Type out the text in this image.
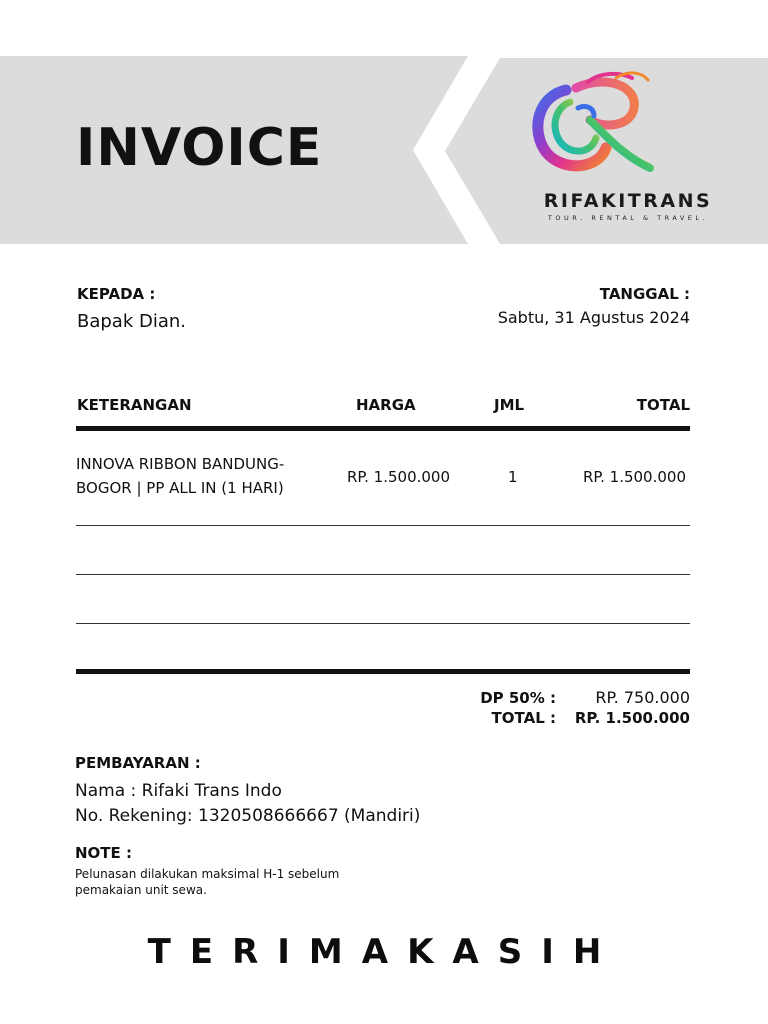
INVOICE
RIFAKITRANS
TOUR, RENTAL & TRAVEL.
KEPADA :
Bapak Dian.
TANGGAL :
Sabtu, 31 Agustus 2024
KETERANGAN	HARGA	JML	TOTAL
INNOVA RIBBON BANDUNG-
BOGOR | PP ALL IN (1 HARI)
RP. 1.500.000	1	RP. 1.500.000
DP 50% : RP. 750.000
TOTAL : RP. 1.500.000
PEMBAYARAN :
Nama : Rifaki Trans Indo
No. Rekening: 1320508666667 (Mandiri)
NOTE :
Pelunasan dilakukan maksimal H-1 sebelum
pemakaian unit sewa.
TERIMAKASIH
